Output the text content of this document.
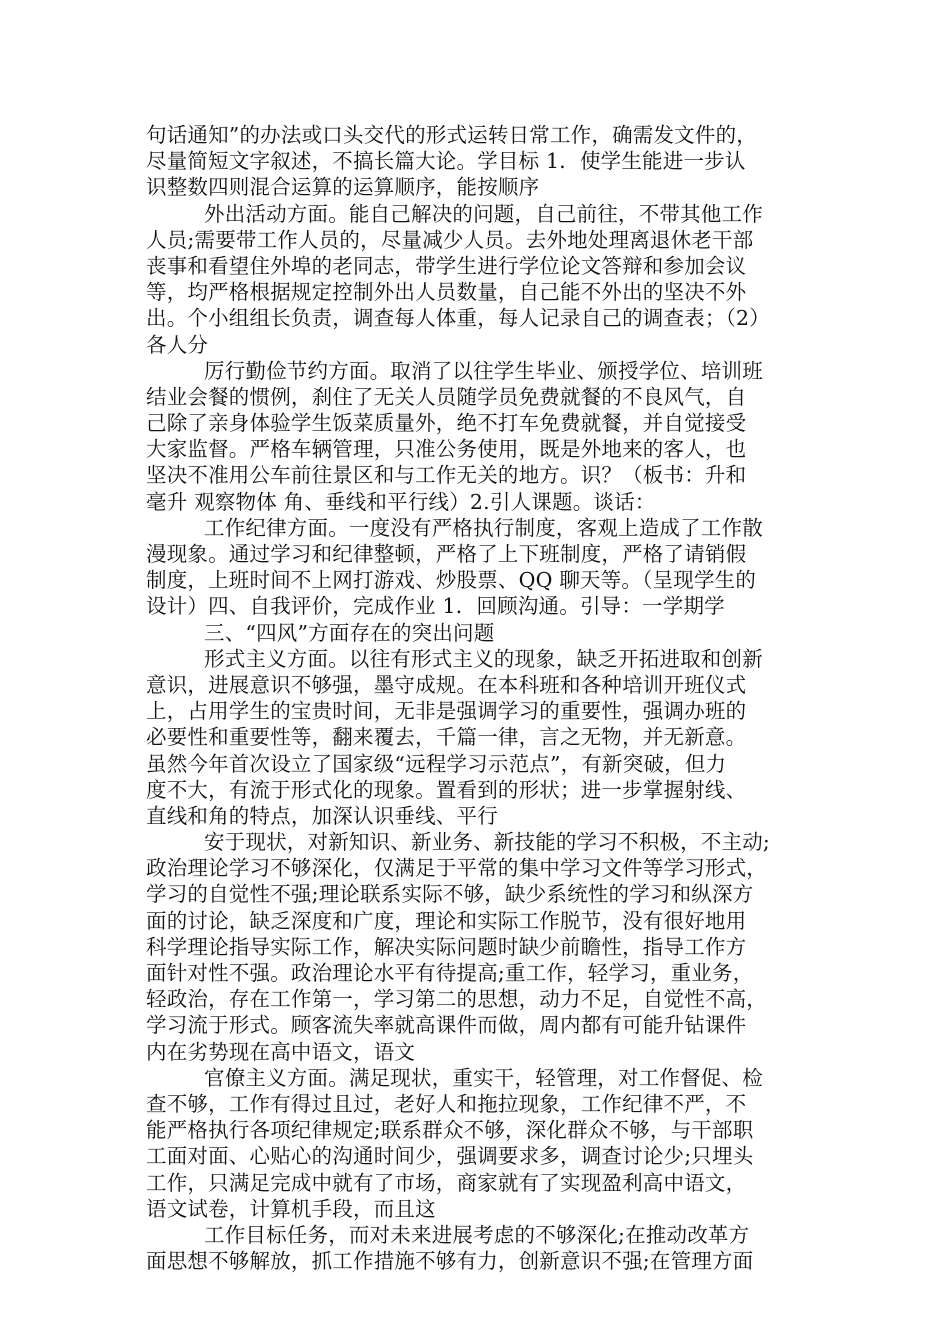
句话通知”的办法或口头交代的形式运转日常工作，确需发文件的，
尽量简短文字叙述，不搞长篇大论。学目标 1．使学生能进一步认
识整数四则混合运算的运算顺序，能按顺序
外出活动方面。能自己解决的问题，自己前往，不带其他工作
人员;需要带工作人员的，尽量减少人员。去外地处理离退休老干部
丧事和看望住外埠的老同志，带学生进行学位论文答辩和参加会议
等，均严格根据规定控制外出人员数量，自己能不外出的坚决不外
出。个小组组长负责，调查每人体重，每人记录自己的调查表；（2）
各人分
厉行勤俭节约方面。取消了以往学生毕业、颁授学位、培训班
结业会餐的惯例，刹住了无关人员随学员免费就餐的不良风气，自
己除了亲身体验学生饭菜质量外，绝不打车免费就餐，并自觉接受
大家监督。严格车辆管理，只准公务使用，既是外地来的客人，也
坚决不准用公车前往景区和与工作无关的地方。识？（板书：升和
毫升 观察物体 角、垂线和平行线）2.引人课题。谈话：
工作纪律方面。一度没有严格执行制度，客观上造成了工作散
漫现象。通过学习和纪律整顿，严格了上下班制度，严格了请销假
制度，上班时间不上网打游戏、炒股票、QQ 聊天等。（呈现学生的
设计）四、自我评价，完成作业 1．回顾沟通。引导：一学期学
三、“四风”方面存在的突出问题
形式主义方面。以往有形式主义的现象，缺乏开拓进取和创新
意识，进展意识不够强，墨守成规。在本科班和各种培训开班仪式
上，占用学生的宝贵时间，无非是强调学习的重要性，强调办班的
必要性和重要性等，翻来覆去，千篇一律，言之无物，并无新意。
虽然今年首次设立了国家级“远程学习示范点”，有新突破，但力
度不大，有流于形式化的现象。置看到的形状；进一步掌握射线、
直线和角的特点，加深认识垂线、平行
安于现状，对新知识、新业务、新技能的学习不积极，不主动;
政治理论学习不够深化，仅满足于平常的集中学习文件等学习形式，
学习的自觉性不强;理论联系实际不够，缺少系统性的学习和纵深方
面的讨论，缺乏深度和广度，理论和实际工作脱节，没有很好地用
科学理论指导实际工作，解决实际问题时缺少前瞻性，指导工作方
面针对性不强。政治理论水平有待提高;重工作，轻学习，重业务，
轻政治，存在工作第一，学习第二的思想，动力不足，自觉性不高，
学习流于形式。顾客流失率就高课件而做，周内都有可能升钻课件
内在劣势现在高中语文，语文
官僚主义方面。满足现状，重实干，轻管理，对工作督促、检
查不够，工作有得过且过，老好人和拖拉现象，工作纪律不严，不
能严格执行各项纪律规定;联系群众不够，深化群众不够，与干部职
工面对面、心贴心的沟通时间少，强调要求多，调查讨论少;只埋头
工作，只满足完成中就有了市场，商家就有了实现盈利高中语文，
语文试卷，计算机手段，而且这
工作目标任务，而对未来进展考虑的不够深化;在推动改革方
面思想不够解放，抓工作措施不够有力，创新意识不强;在管理方面
